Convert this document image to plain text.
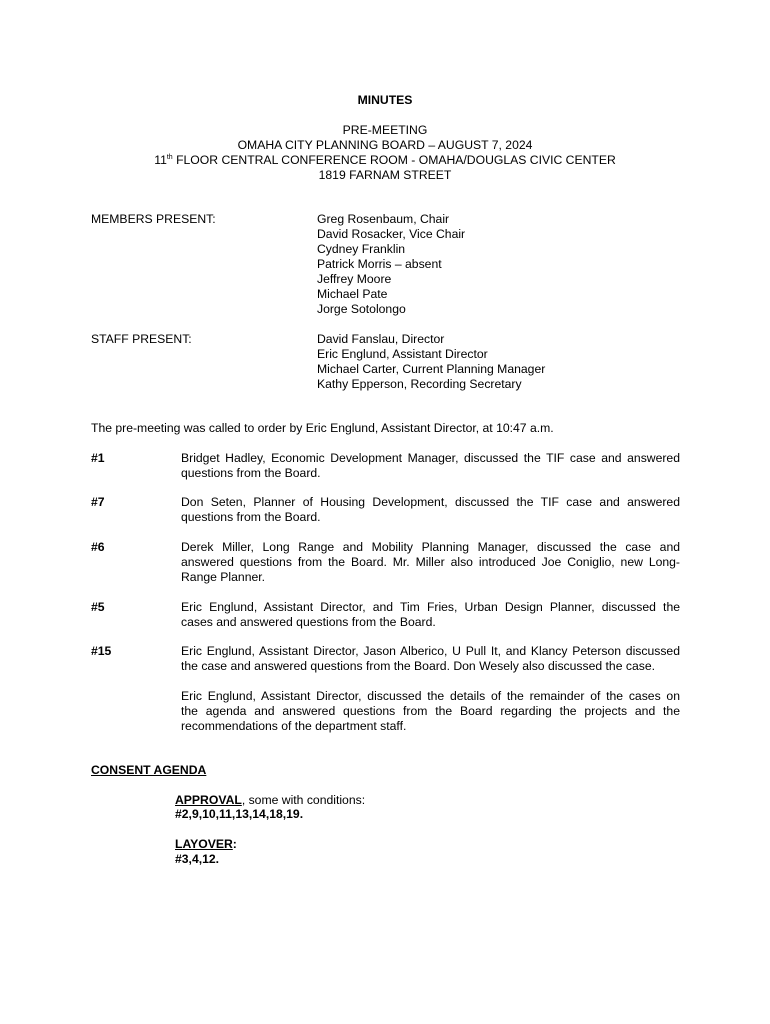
MINUTES
PRE-MEETING
OMAHA CITY PLANNING BOARD – AUGUST 7, 2024
11th FLOOR CENTRAL CONFERENCE ROOM - OMAHA/DOUGLAS CIVIC CENTER
1819 FARNAM STREET
MEMBERS PRESENT:	Greg Rosenbaum, Chair
David Rosacker, Vice Chair
Cydney Franklin
Patrick Morris – absent
Jeffrey Moore
Michael Pate
Jorge Sotolongo
STAFF PRESENT:	David Fanslau, Director
Eric Englund, Assistant Director
Michael Carter, Current Planning Manager
Kathy Epperson, Recording Secretary
The pre-meeting was called to order by Eric Englund, Assistant Director, at 10:47 a.m.
#1	Bridget Hadley, Economic Development Manager, discussed the TIF case and answered
questions from the Board.
#7	Don Seten, Planner of Housing Development, discussed the TIF case and answered
questions from the Board.
#6	Derek Miller, Long Range and Mobility Planning Manager, discussed the case and
answered questions from the Board. Mr. Miller also introduced Joe Coniglio, new Long-
Range Planner.
#5	Eric Englund, Assistant Director, and Tim Fries, Urban Design Planner, discussed the
cases and answered questions from the Board.
#15	Eric Englund, Assistant Director, Jason Alberico, U Pull It, and Klancy Peterson discussed
the case and answered questions from the Board. Don Wesely also discussed the case.
Eric Englund, Assistant Director, discussed the details of the remainder of the cases on
the agenda and answered questions from the Board regarding the projects and the
recommendations of the department staff.
CONSENT AGENDA
APPROVAL, some with conditions:
#2,9,10,11,13,14,18,19.
LAYOVER:
#3,4,12.
